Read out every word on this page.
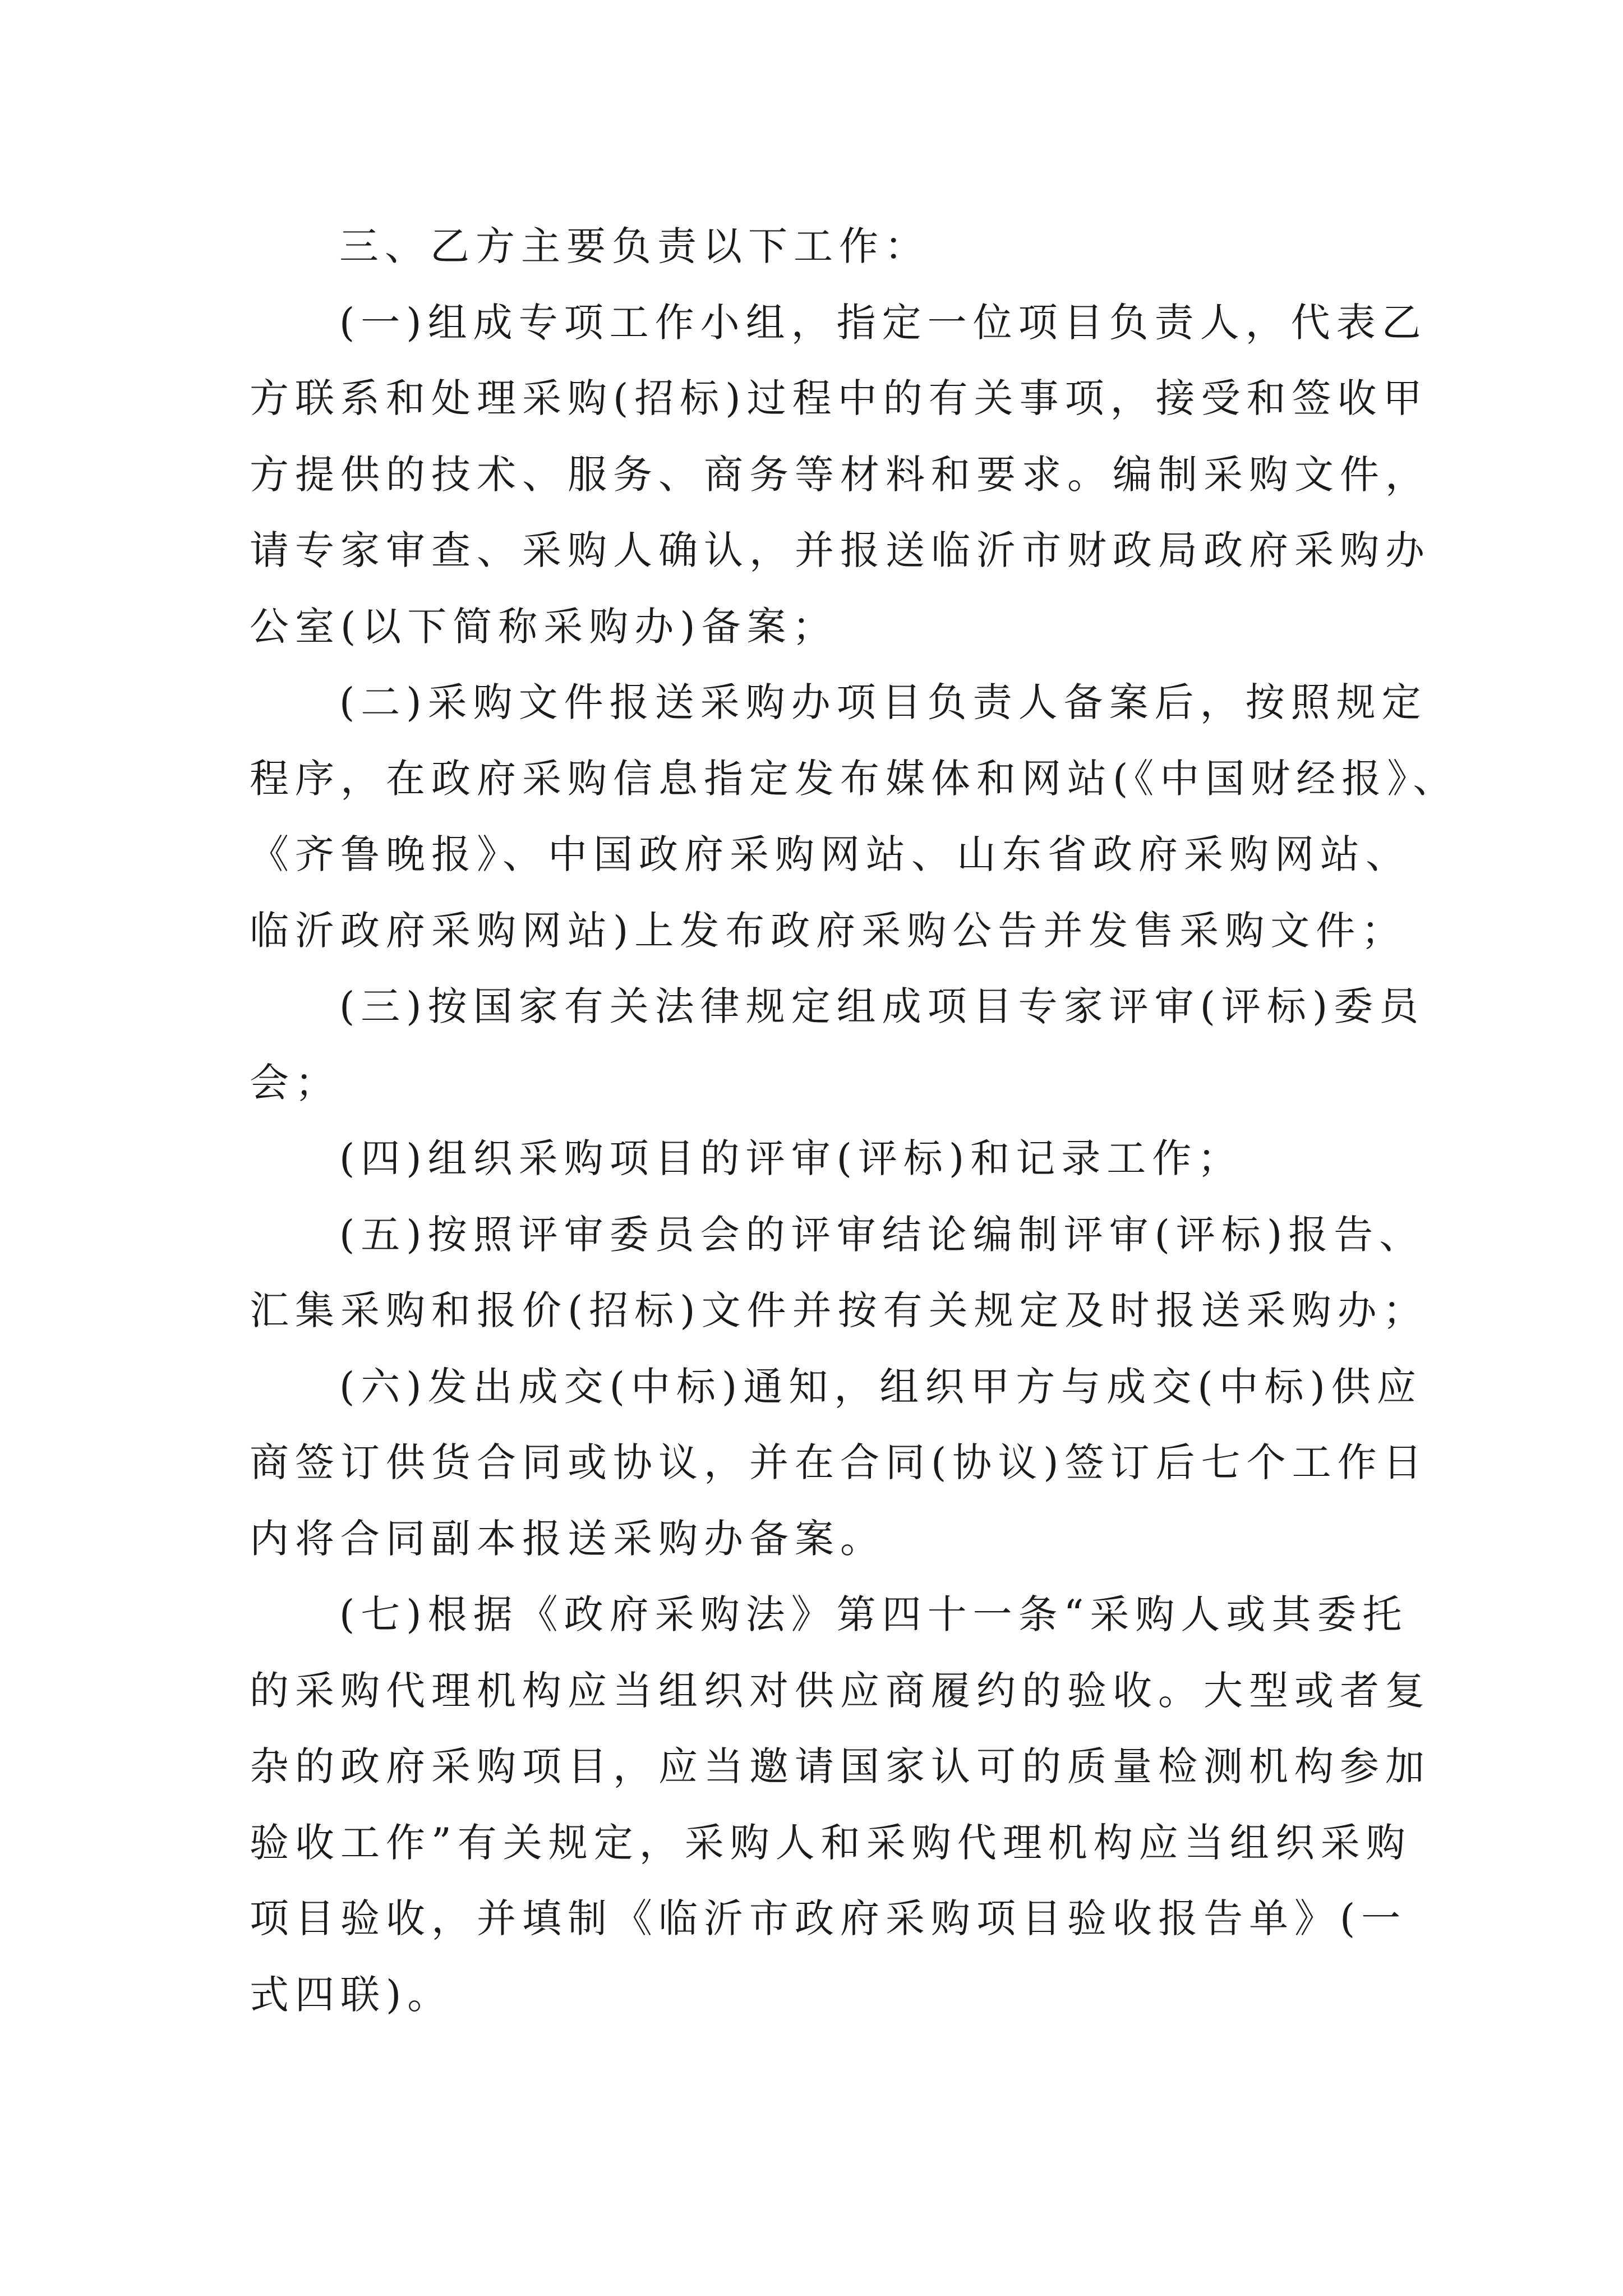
三、乙方主要负责以下工作：
(一)组成专项工作小组，指定一位项目负责人，代表乙
方联系和处理采购(招标)过程中的有关事项，接受和签收甲
方提供的技术、服务、商务等材料和要求。编制采购文件，
请专家审查、采购人确认，并报送临沂市财政局政府采购办
公室(以下简称采购办)备案；
(二)采购文件报送采购办项目负责人备案后，按照规定
程序，在政府采购信息指定发布媒体和网站(《中国财经报》、
《齐鲁晚报》、中国政府采购网站、山东省政府采购网站、
临沂政府采购网站)上发布政府采购公告并发售采购文件；
(三)按国家有关法律规定组成项目专家评审(评标)委员
会；
(四)组织采购项目的评审(评标)和记录工作；
(五)按照评审委员会的评审结论编制评审(评标)报告、
汇集采购和报价(招标)文件并按有关规定及时报送采购办；
(六)发出成交(中标)通知，组织甲方与成交(中标)供应
商签订供货合同或协议，并在合同(协议)签订后七个工作日
内将合同副本报送采购办备案。
(七)根据《政府采购法》第四十一条“采购人或其委托
的采购代理机构应当组织对供应商履约的验收。大型或者复
杂的政府采购项目，应当邀请国家认可的质量检测机构参加
验收工作”有关规定，采购人和采购代理机构应当组织采购
项目验收，并填制《临沂市政府采购项目验收报告单》(一
式四联)。
